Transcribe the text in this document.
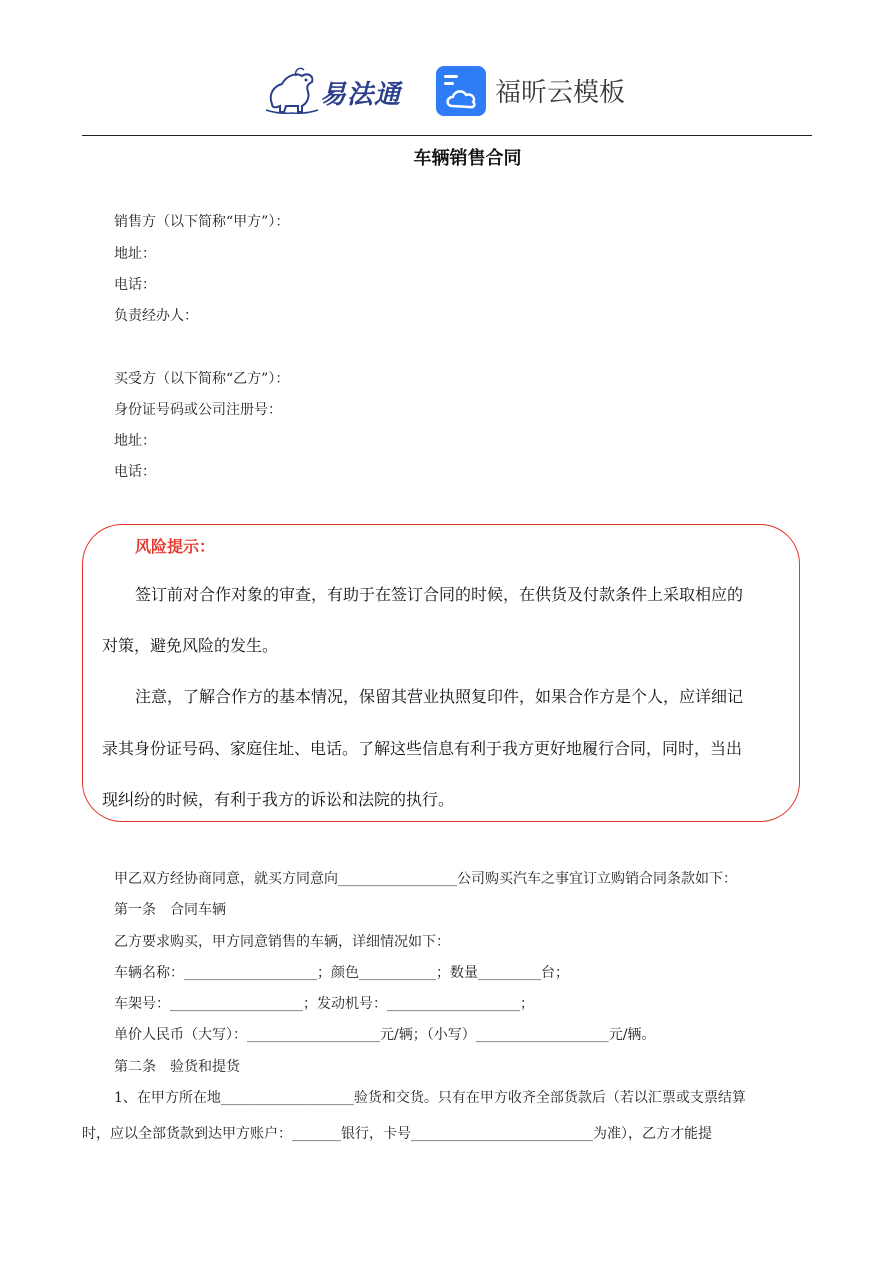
易法通	福昕云模板
车辆销售合同
销售方（以下简称“甲方”）：
地址：
电话：
负责经办人：
买受方（以下简称“乙方”）：
身份证号码或公司注册号：
地址：
电话：
风险提示：
签订前对合作对象的审查，有助于在签订合同的时候，在供货及付款条件上采取相应的
对策，避免风险的发生。
注意，了解合作方的基本情况，保留其营业执照复印件，如果合作方是个人，应详细记
录其身份证号码、家庭住址、电话。了解这些信息有利于我方更好地履行合同，同时，当出
现纠纷的时候，有利于我方的诉讼和法院的执行。
甲乙双方经协商同意，就买方同意向_________________公司购买汽车之事宜订立购销合同条款如下：
第一条　合同车辆
乙方要求购买，甲方同意销售的车辆，详细情况如下：
车辆名称：___________________；颜色___________；数量_________台；
车架号：___________________；发动机号：___________________；
单价人民币（大写）：___________________元/辆；（小写）___________________元/辆。
第二条　验货和提货
1、在甲方所在地___________________验货和交货。只有在甲方收齐全部货款后（若以汇票或支票结算
时，应以全部货款到达甲方账户：_______银行，卡号__________________________为准），乙方才能提
